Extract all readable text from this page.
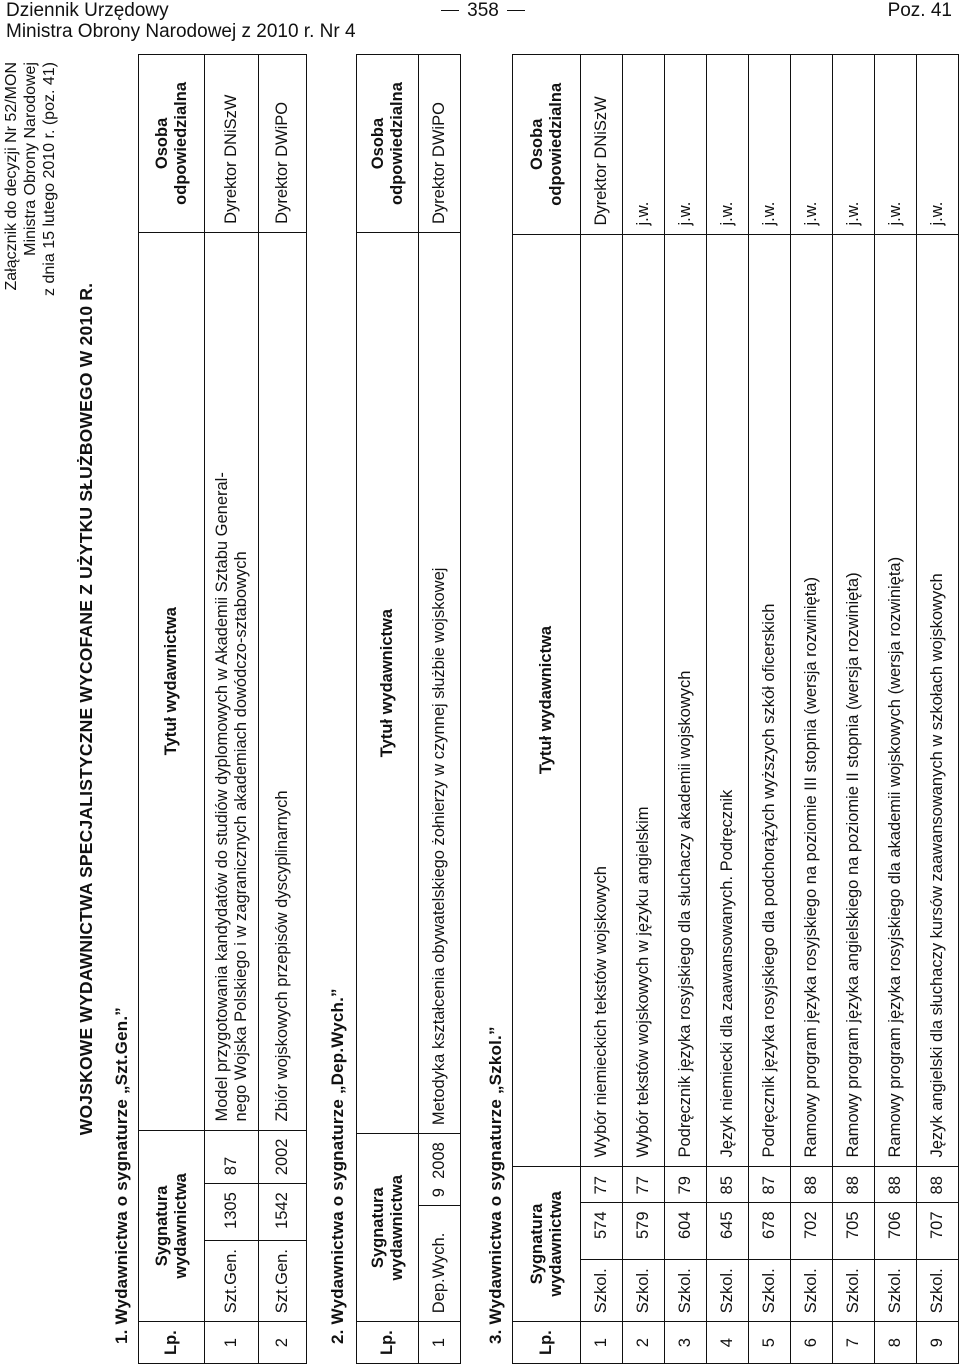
Dziennik Urzędowy
Ministra Obrony Narodowej z 2010 r. Nr 4
358	Poz. 41
Załącznik do decyzji Nr 52/MON Ministra Obrony Narodowej z dnia 15 lutego 2010 r. (poz. 41)
WOJSKOWE WYDAWNICTWA SPECJALISTYCZNE WYCOFANE Z UŻYTKU SŁUŻBOWEGO W 2010 R.
1. Wydawnictwa o sygnaturze „Szt.Gen.” Lp.	Sygnatura wydawnictwa			Tytuł wydawnictwa	Osoba
odpowiedzialna
1	Szt.Gen.	1305	87	Model przygotowania kandydatów do studiów dyplomowych w Akademii Sztabu General-
nego Wojska Polskiego i w zagranicznych akademiach dowódczo-sztabowych	Dyrektor DNiSzW
2	Szt.Gen.	1542	2002	Zbiór wojskowych przepisów dyscyplinarnych	Dyrektor DWiPO
2. Wydawnictwa o sygnaturze „Dep.Wych.” Lp.	Sygnatura wydawnictwa		Tytuł wydawnictwa	Osoba
odpowiedzialna
1	Dep.Wych.	9  2008	Metodyka kształcenia obywatelskiego żołnierzy w czynnej służbie wojskowej	Dyrektor DWiPO
3. Wydawnictwa o sygnaturze „Szkol.” Lp.	Sygnatura wydawnictwa			Tytuł wydawnictwa	Osoba
odpowiedzialna
1	Szkol.	574	77	Wybór niemieckich tekstów wojskowych	Dyrektor DNiSzW
2	Szkol.	579	77	Wybór tekstów wojskowych w języku angielskim	j.w.
3	Szkol.	604	79	Podręcznik języka rosyjskiego dla słuchaczy akademii wojskowych	j.w.
4	Szkol.	645	85	Język niemiecki dla zaawansowanych. Podręcznik	j.w.
5	Szkol.	678	87	Podręcznik języka rosyjskiego dla podchorążych wyższych szkół oficerskich	j.w.
6	Szkol.	702	88	Ramowy program języka rosyjskiego na poziomie III stopnia (wersja rozwinięta)	j.w.
7	Szkol.	705	88	Ramowy program języka angielskiego na poziomie II stopnia (wersja rozwinięta)	j.w.
8	Szkol.	706	88	Ramowy program języka rosyjskiego dla akademii wojskowych (wersja rozwinięta)	j.w.
9	Szkol.	707	88	Język angielski dla słuchaczy kursów zaawansowanych w szkołach wojskowych	j.w.
